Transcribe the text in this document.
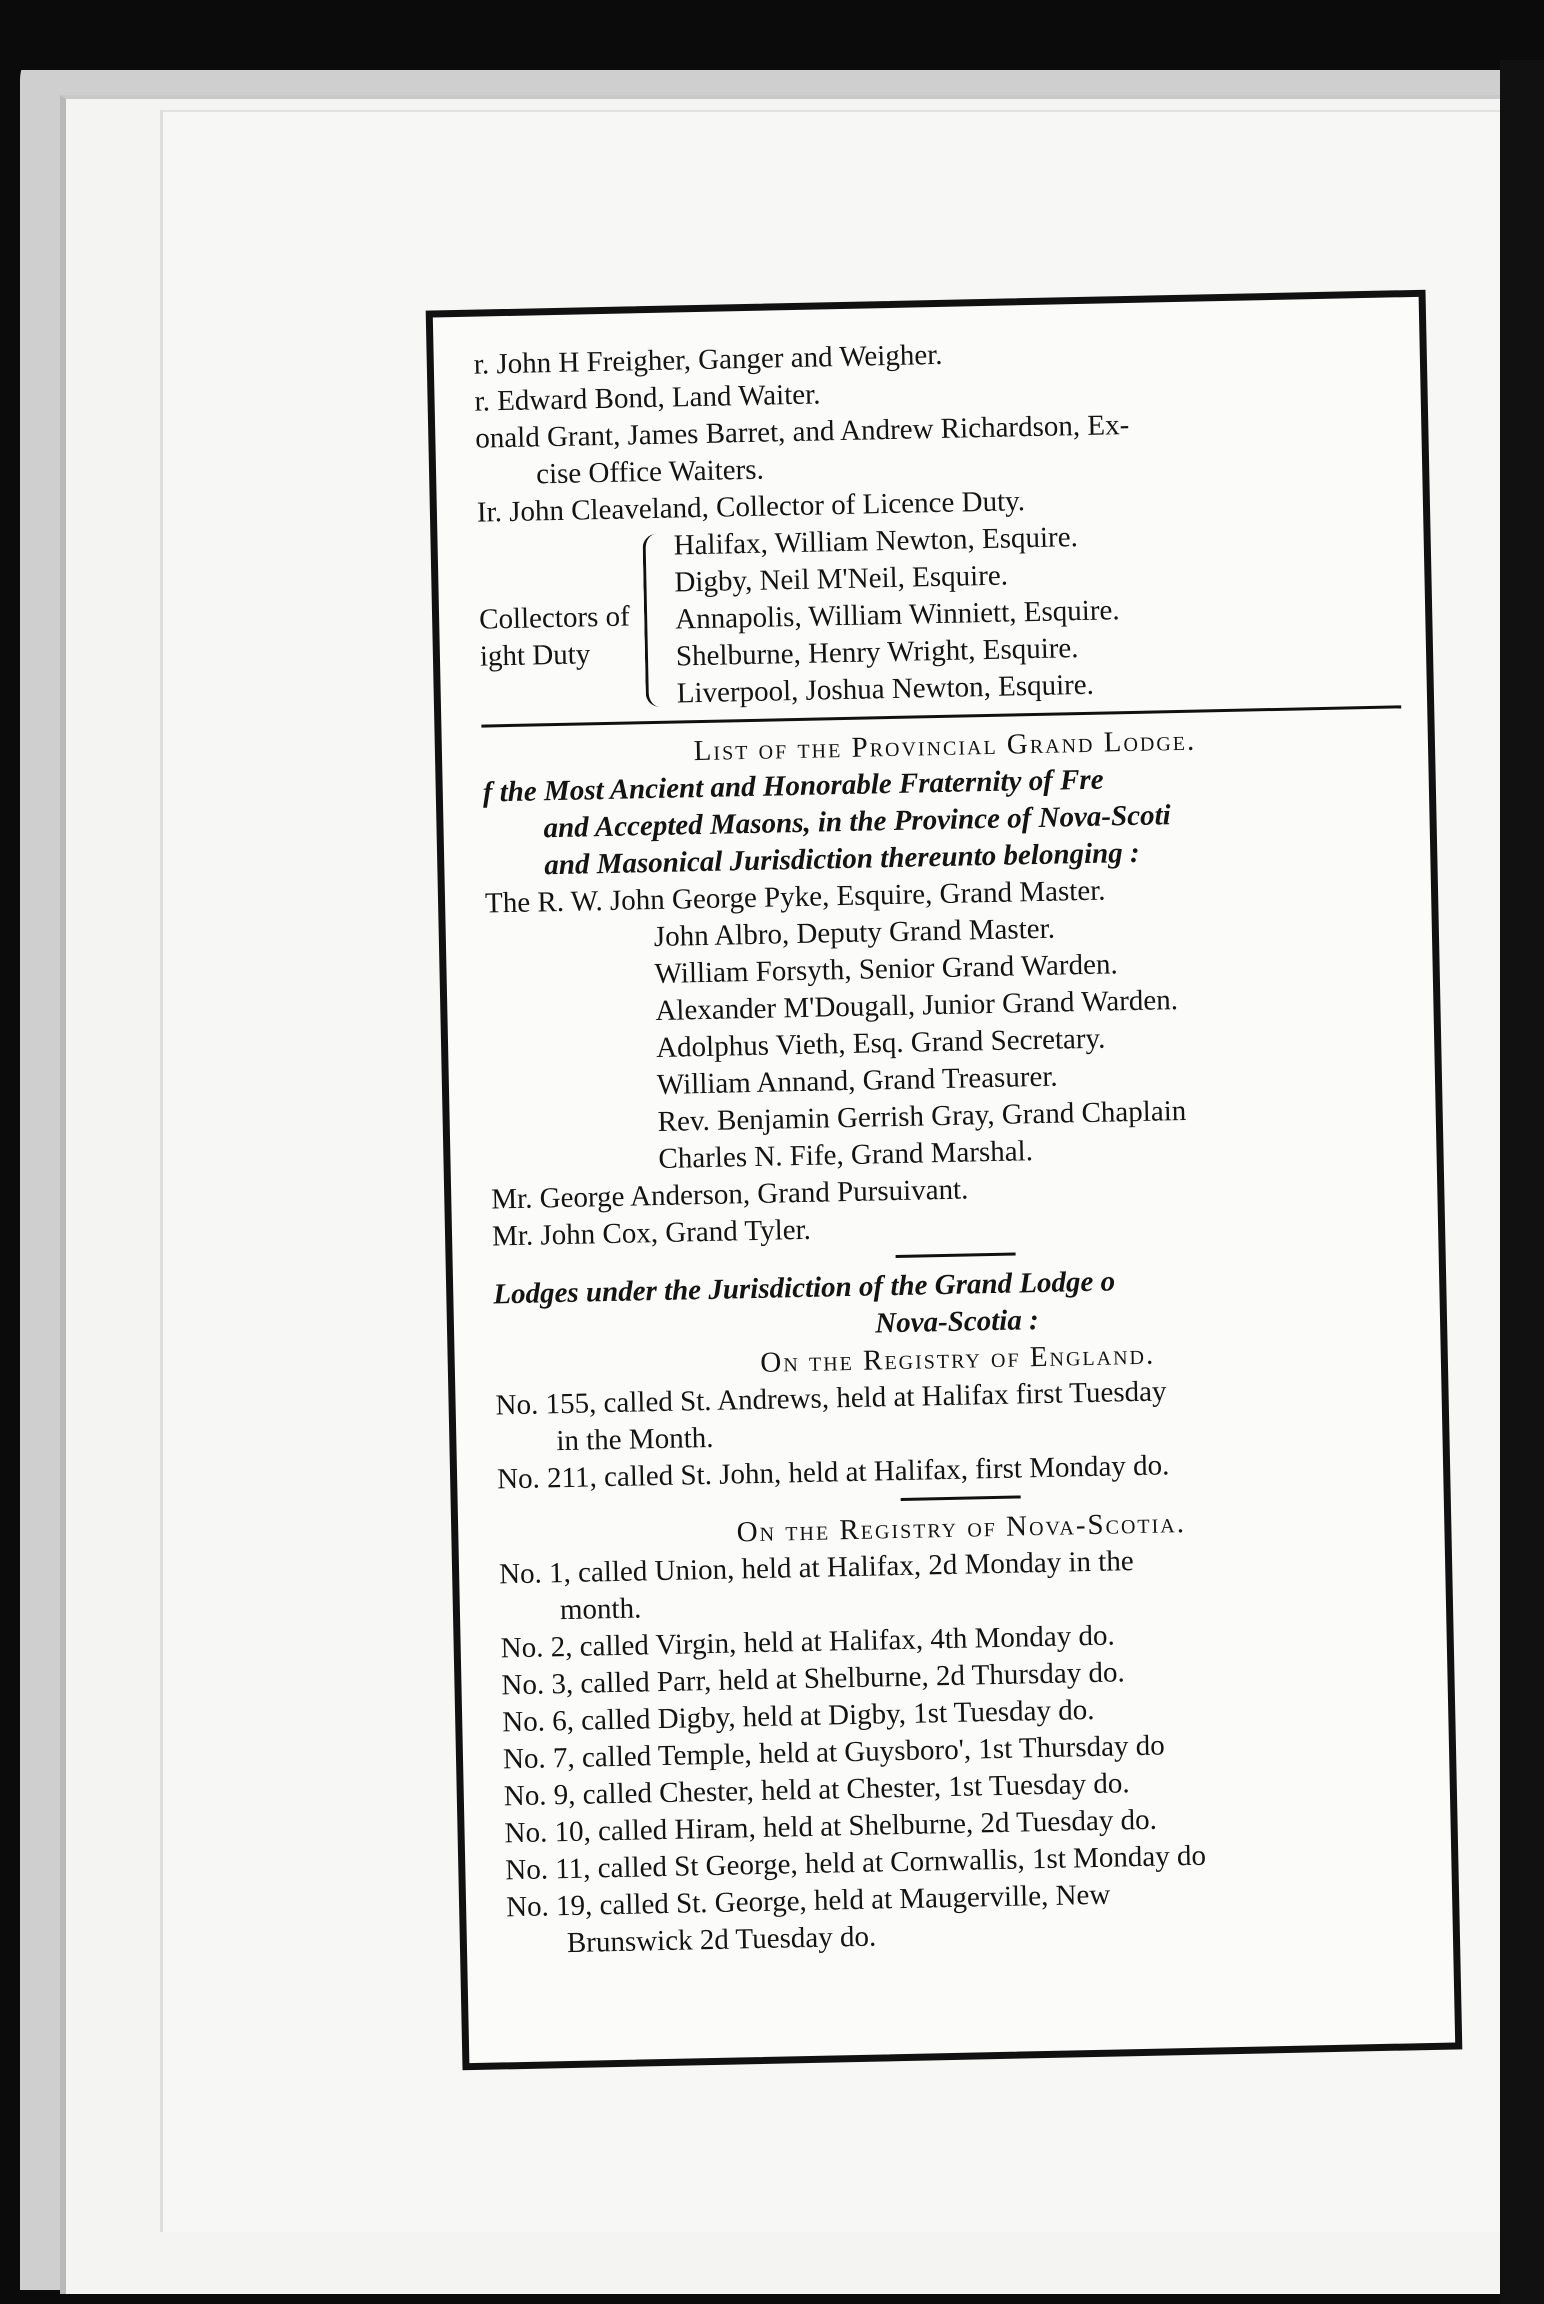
r. John H Freigher, Ganger and Weigher.
r. Edward Bond, Land Waiter.
onald Grant, James Barret, and Andrew Richardson, Ex-
cise Office Waiters.
Ir. John Cleaveland, Collector of Licence Duty.
Collectors of
ight Duty
Halifax, William Newton, Esquire.
Digby, Neil M'Neil, Esquire.
Annapolis, William Winniett, Esquire.
Shelburne, Henry Wright, Esquire.
Liverpool, Joshua Newton, Esquire.
List of the Provincial Grand Lodge.
f the Most Ancient and Honorable Fraternity of Fre
and Accepted Masons, in the Province of Nova-Scoti
and Masonical Jurisdiction thereunto belonging :
The R. W. John George Pyke, Esquire, Grand Master.
John Albro, Deputy Grand Master.
William Forsyth, Senior Grand Warden.
Alexander M'Dougall, Junior Grand Warden.
Adolphus Vieth, Esq. Grand Secretary.
William Annand, Grand Treasurer.
Rev. Benjamin Gerrish Gray, Grand Chaplain
Charles N. Fife, Grand Marshal.
Mr. George Anderson, Grand Pursuivant.
Mr. John Cox, Grand Tyler.
Lodges under the Jurisdiction of the Grand Lodge o
Nova-Scotia :
On the Registry of England.
No. 155, called St. Andrews, held at Halifax first Tuesday
in the Month.
No. 211, called St. John, held at Halifax, first Monday do.
On the Registry of Nova-Scotia.
No. 1, called Union, held at Halifax, 2d Monday in the
month.
No. 2, called Virgin, held at Halifax, 4th Monday do.
No. 3, called Parr, held at Shelburne, 2d Thursday do.
No. 6, called Digby, held at Digby, 1st Tuesday do.
No. 7, called Temple, held at Guysboro', 1st Thursday do
No. 9, called Chester, held at Chester, 1st Tuesday do.
No. 10, called Hiram, held at Shelburne, 2d Tuesday do.
No. 11, called St George, held at Cornwallis, 1st Monday do
No. 19, called St. George, held at Maugerville, New
Brunswick 2d Tuesday do.
